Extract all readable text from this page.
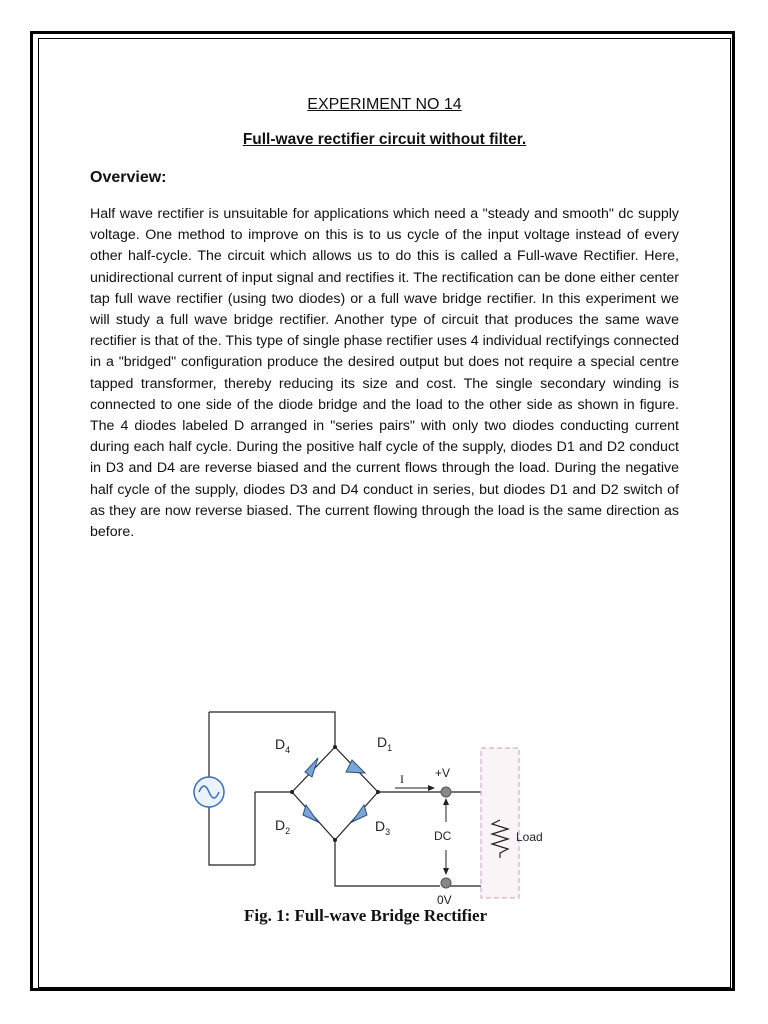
EXPERIMENT NO 14

Full-wave rectifier circuit without filter.

Overview:

Half wave rectifier is unsuitable for applications which need a "steady and smooth" dc supply voltage. One method to improve on this is to us cycle of the input voltage instead of every other half-cycle. The circuit which allows us to do this is called a Full-wave Rectifier. Here, unidirectional current of input signal and rectifies it. The rectification can be done either center tap full wave rectifier (using two diodes) or a full wave bridge rectifier. In this experiment we will study a full wave bridge rectifier. Another type of circuit that produces the same wave rectifier is that of the. This type of single phase rectifier uses 4 individual rectifyings connected in a "bridged" configuration produce the desired output but does not require a special centre tapped transformer, thereby reducing its size and cost. The single secondary winding is connected to one side of the diode bridge and the load to the other side as shown in figure. The 4 diodes labeled D arranged in "series pairs" with only two diodes conducting current during each half cycle. During the positive half cycle of the supply, diodes D1 and D2 conduct in D3 and D4 are reverse biased and the current flows through the load. During the negative half cycle of the supply, diodes D3 and D4 conduct in series, but diodes D1 and D2 switch of as they are now reverse biased. The current flowing through the load is the same direction as before.

$D_4$	$D_1$
$D_2$	$D_3$
+V
0V
I
DC	Load
Fig. 1: Full-wave Bridge Rectifier
